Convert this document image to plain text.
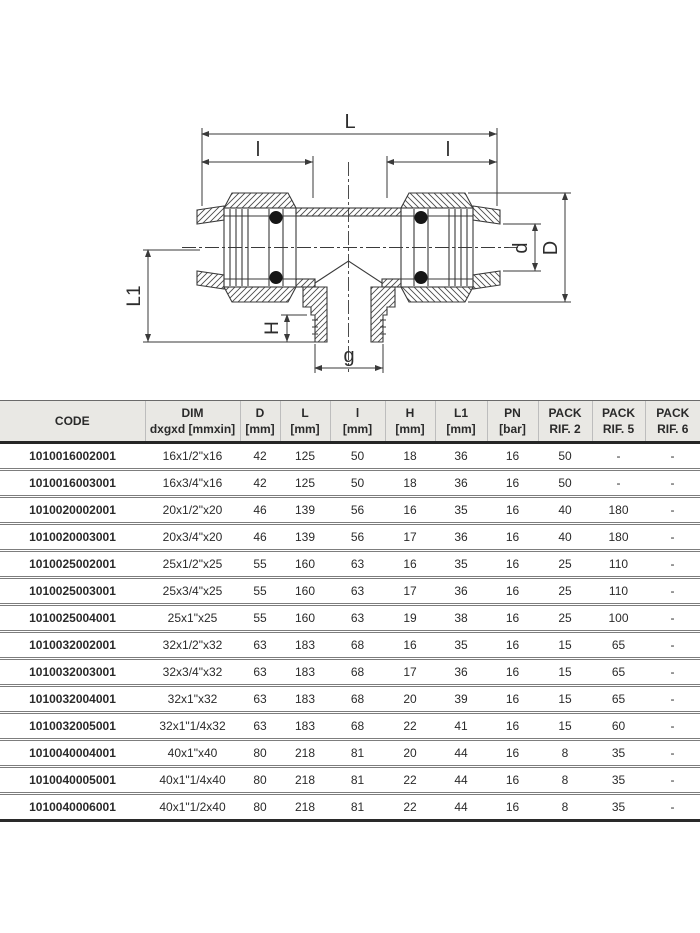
L
l	l
d D
L1
H
g
CODE

DIM
dxgxd [mmxin]

D
[mm]

L
[mm]

l
[mm]

H
[mm]

L1
[mm]

PN
[bar]

PACK
RIF. 2

PACK
RIF. 5

PACK
RIF. 6

1010016002001	16x1/2"x16	42	125	50	18	36	16	50	-	-
1010016003001	16x3/4"x16	42	125	50	18	36	16	50	-	-
1010020002001	20x1/2"x20	46	139	56	16	35	16	40	180	-
1010020003001	20x3/4"x20	46	139	56	17	36	16	40	180	-
1010025002001	25x1/2"x25	55	160	63	16	35	16	25	110	-
1010025003001	25x3/4"x25	55	160	63	17	36	16	25	110	-
1010025004001	25x1"x25	55	160	63	19	38	16	25	100	-
1010032002001	32x1/2"x32	63	183	68	16	35	16	15	65	-
1010032003001	32x3/4"x32	63	183	68	17	36	16	15	65	-
1010032004001	32x1"x32	63	183	68	20	39	16	15	65	-
1010032005001	32x1"1/4x32	63	183	68	22	41	16	15	60	-
1010040004001	40x1"x40	80	218	81	20	44	16	8	35	-
1010040005001	40x1"1/4x40	80	218	81	22	44	16	8	35	-
1010040006001	40x1"1/2x40	80	218	81	22	44	16	8	35	-
